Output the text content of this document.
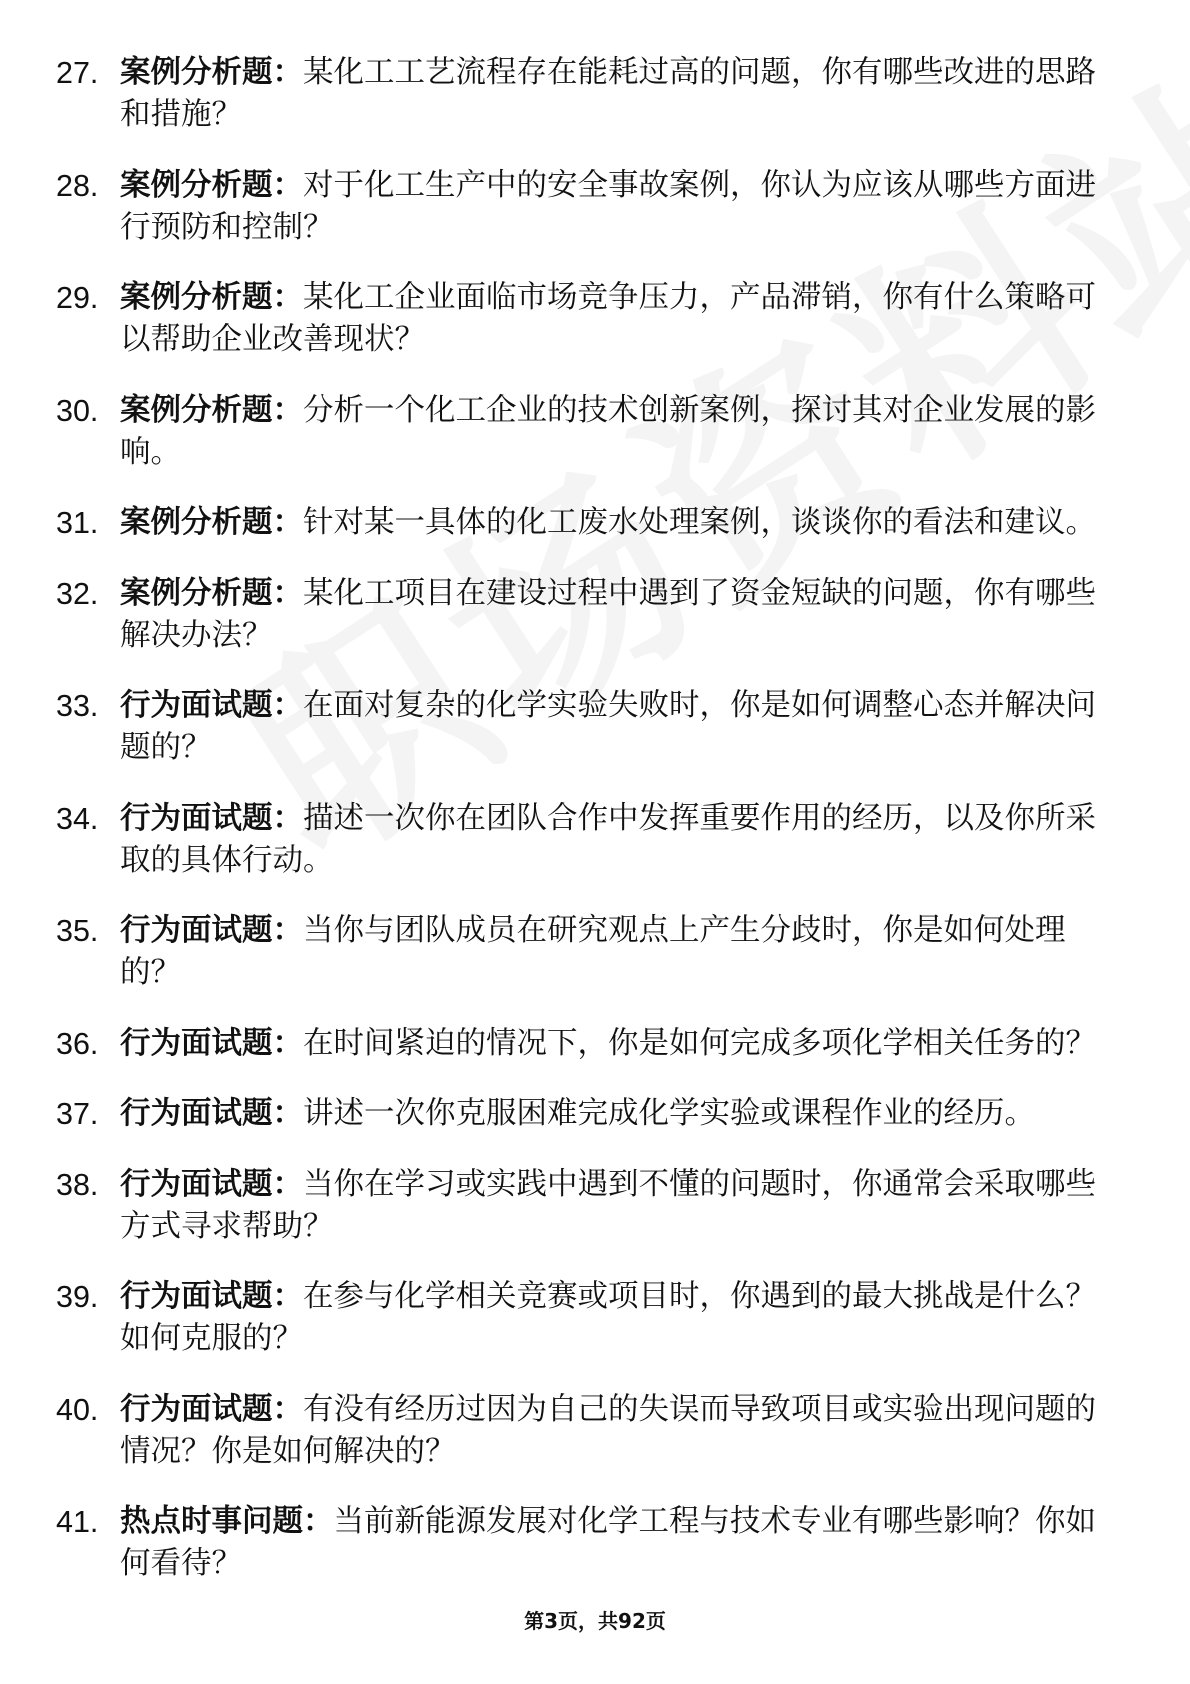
27. 案例分析题：某化工工艺流程存在能耗过高的问题，你有哪些改进的思路和措施？
28. 案例分析题：对于化工生产中的安全事故案例，你认为应该从哪些方面进行预防和控制？
29. 案例分析题：某化工企业面临市场竞争压力，产品滞销，你有什么策略可以帮助企业改善现状？
30. 案例分析题：分析一个化工企业的技术创新案例，探讨其对企业发展的影响。
31. 案例分析题：针对某一具体的化工废水处理案例，谈谈你的看法和建议。
32. 案例分析题：某化工项目在建设过程中遇到了资金短缺的问题，你有哪些解决办法？
33. 行为面试题：在面对复杂的化学实验失败时，你是如何调整心态并解决问题的？
34. 行为面试题：描述一次你在团队合作中发挥重要作用的经历，以及你所采取的具体行动。
35. 行为面试题：当你与团队成员在研究观点上产生分歧时，你是如何处理的？
36. 行为面试题：在时间紧迫的情况下，你是如何完成多项化学相关任务的？
37. 行为面试题：讲述一次你克服困难完成化学实验或课程作业的经历。
38. 行为面试题：当你在学习或实践中遇到不懂的问题时，你通常会采取哪些方式寻求帮助？
39. 行为面试题：在参与化学相关竞赛或项目时，你遇到的最大挑战是什么？如何克服的？
40. 行为面试题：有没有经历过因为自己的失误而导致项目或实验出现问题的情况？你是如何解决的？
41. 热点时事问题：当前新能源发展对化学工程与技术专业有哪些影响？你如何看待？
第3页，共92页
